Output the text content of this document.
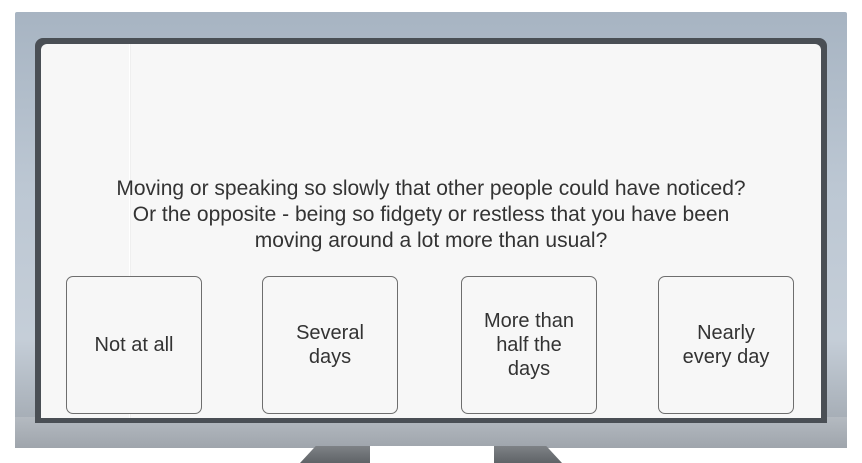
Moving or speaking so slowly that other people could have noticed?
Or the opposite - being so fidgety or restless that you have been
moving around a lot more than usual?
Not at all
Several
days
More than
half the
days
Nearly
every day
